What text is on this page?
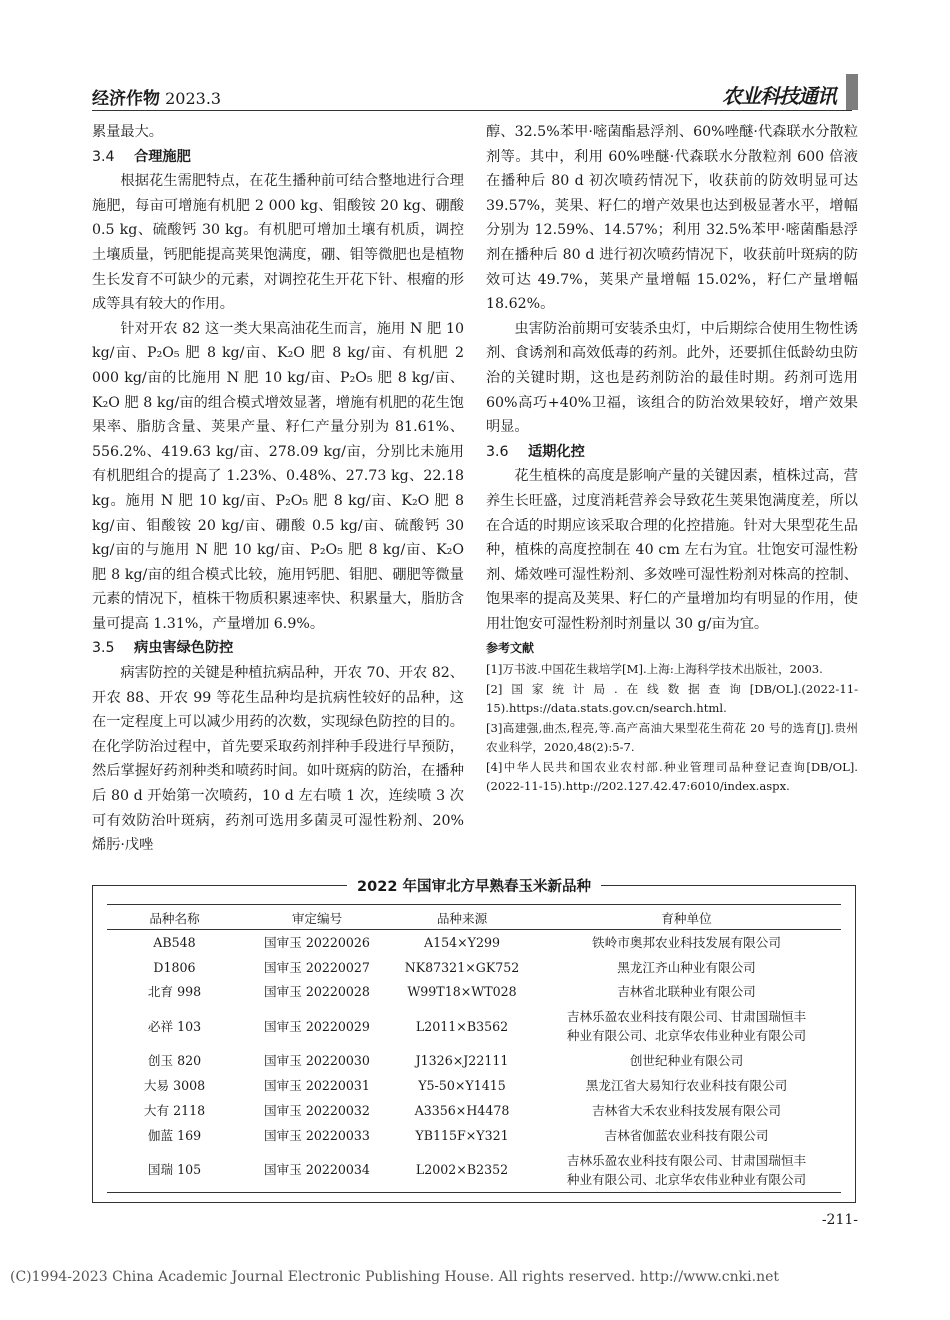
经济作物 2023.3	农业科技通讯

累量最大。

3.4 合理施肥

根据花生需肥特点，在花生播种前可结合整地进行合理施肥，每亩可增施有机肥 2 000 kg、钼酸铵 20 kg、硼酸 0.5 kg、硫酸钙 30 kg。有机肥可增加土壤有机质，调控土壤质量，钙肥能提高荚果饱满度，硼、钼等微肥也是植物生长发育不可缺少的元素，对调控花生开花下针、根瘤的形成等具有较大的作用。

针对开农 82 这一类大果高油花生而言，施用 N 肥 10 kg/亩、P₂O₅ 肥 8 kg/亩、K₂O 肥 8 kg/亩、有机肥 2 000 kg/亩的比施用 N 肥 10 kg/亩、P₂O₅ 肥 8 kg/亩、K₂O 肥 8 kg/亩的组合模式增效显著，增施有机肥的花生饱果率、脂肪含量、荚果产量、籽仁产量分别为 81.61%、556.2%、419.63 kg/亩、278.09 kg/亩，分别比未施用有机肥组合的提高了 1.23%、0.48%、27.73 kg、22.18 kg。施用 N 肥 10 kg/亩、P₂O₅ 肥 8 kg/亩、K₂O 肥 8 kg/亩、钼酸铵 20 kg/亩、硼酸 0.5 kg/亩、硫酸钙 30 kg/亩的与施用 N 肥 10 kg/亩、P₂O₅ 肥 8 kg/亩、K₂O 肥 8 kg/亩的组合模式比较，施用钙肥、钼肥、硼肥等微量元素的情况下，植株干物质积累速率快、积累量大，脂肪含量可提高 1.31%，产量增加 6.9%。

3.5 病虫害绿色防控

病害防控的关键是种植抗病品种，开农 70、开农 82、开农 88、开农 99 等花生品种均是抗病性较好的品种，这在一定程度上可以减少用药的次数，实现绿色防控的目的。在化学防治过程中，首先要采取药剂拌种手段进行早预防，然后掌握好药剂种类和喷药时间。如叶斑病的防治，在播种后 80 d 开始第一次喷药，10 d 左右喷 1 次，连续喷 3 次可有效防治叶斑病，药剂可选用多菌灵可湿性粉剂、20%烯肟·戊唑

醇、32.5%苯甲·嘧菌酯悬浮剂、60%唑醚·代森联水分散粒剂等。其中，利用 60%唑醚·代森联水分散粒剂 600 倍液在播种后 80 d 初次喷药情况下，收获前的防效明显可达 39.57%，荚果、籽仁的增产效果也达到极显著水平，增幅分别为 12.59%、14.57%；利用 32.5%苯甲·嘧菌酯悬浮剂在播种后 80 d 进行初次喷药情况下，收获前叶斑病的防效可达 49.7%，荚果产量增幅 15.02%，籽仁产量增幅 18.62%。

虫害防治前期可安装杀虫灯，中后期综合使用生物性诱剂、食诱剂和高效低毒的药剂。此外，还要抓住低龄幼虫防治的关键时期，这也是药剂防治的最佳时期。药剂可选用 60%高巧+40%卫福，该组合的防治效果较好，增产效果明显。

3.6 适期化控

花生植株的高度是影响产量的关键因素，植株过高，营养生长旺盛，过度消耗营养会导致花生荚果饱满度差，所以在合适的时期应该采取合理的化控措施。针对大果型花生品种，植株的高度控制在 40 cm 左右为宜。壮饱安可湿性粉剂、烯效唑可湿性粉剂、多效唑可湿性粉剂对株高的控制、饱果率的提高及荚果、籽仁的产量增加均有明显的作用，使用壮饱安可湿性粉剂时剂量以 30 g/亩为宜。

参考文献

[1]万书波.中国花生栽培学[M].上海:上海科学技术出版社，2003.

[2]国家统计局.在线数据查询[DB/OL].(2022-11-15).https://data.stats.gov.cn/search.html.

[3]高建强,曲杰,程亮,等.高产高油大果型花生荷花 20 号的选育[J].贵州农业科学，2020,48(2):5-7.

[4]中华人民共和国农业农村部.种业管理司品种登记查询[DB/OL].(2022-11-15).http://202.127.42.47:6010/index.aspx.

2022 年国审北方早熟春玉米新品种
品种名称	审定编号	品种来源	育种单位
AB548	国审玉 20220026	A154×Y299	铁岭市奥邦农业科技发展有限公司
D1806	国审玉 20220027	NK87321×GK752	黑龙江齐山种业有限公司
北育 998	国审玉 20220028	W99T18×WT028	吉林省北联种业有限公司
必祥 103	国审玉 20220029	L2011×B3562	吉林乐盈农业科技有限公司、甘肃国瑞恒丰种业有限公司、北京华农伟业种业有限公司
创玉 820	国审玉 20220030	J1326×J22111	创世纪种业有限公司
大易 3008	国审玉 20220031	Y5-50×Y1415	黑龙江省大易知行农业科技有限公司
大有 2118	国审玉 20220032	A3356×H4478	吉林省大禾农业科技发展有限公司
伽蓝 169	国审玉 20220033	YB115F×Y321	吉林省伽蓝农业科技有限公司
国瑞 105	国审玉 20220034	L2002×B2352	吉林乐盈农业科技有限公司、甘肃国瑞恒丰种业有限公司、北京华农伟业种业有限公司
-211-
(C)1994-2023 China Academic Journal Electronic Publishing House. All rights reserved. http://www.cnki.net
